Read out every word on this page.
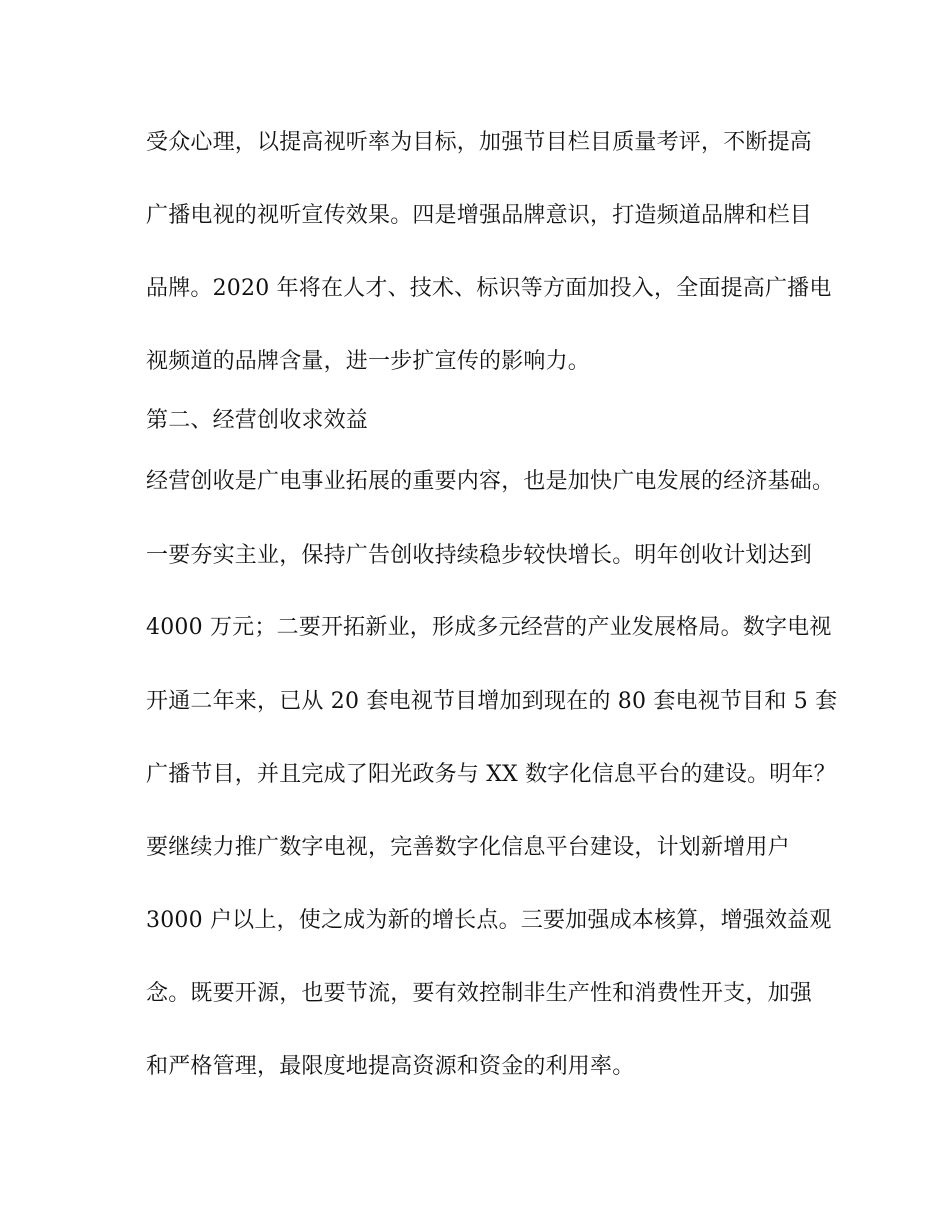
受众心理，以提高视听率为目标，加强节目栏目质量考评，不断提高
广播电视的视听宣传效果。四是增强品牌意识，打造频道品牌和栏目
品牌。2020 年将在人才、技术、标识等方面加投入，全面提高广播电
视频道的品牌含量，进一步扩宣传的影响力。
第二、经营创收求效益
经营创收是广电事业拓展的重要内容，也是加快广电发展的经济基础。
一要夯实主业，保持广告创收持续稳步较快增长。明年创收计划达到
4000 万元；二要开拓新业，形成多元经营的产业发展格局。数字电视
开通二年来，已从 20 套电视节目增加到现在的 80 套电视节目和 5 套
广播节目，并且完成了阳光政务与 XX 数字化信息平台的建设。明年？
要继续力推广数字电视，完善数字化信息平台建设，计划新增用户
3000 户以上，使之成为新的增长点。三要加强成本核算，增强效益观
念。既要开源，也要节流，要有效控制非生产性和消费性开支，加强
和严格管理，最限度地提高资源和资金的利用率。
